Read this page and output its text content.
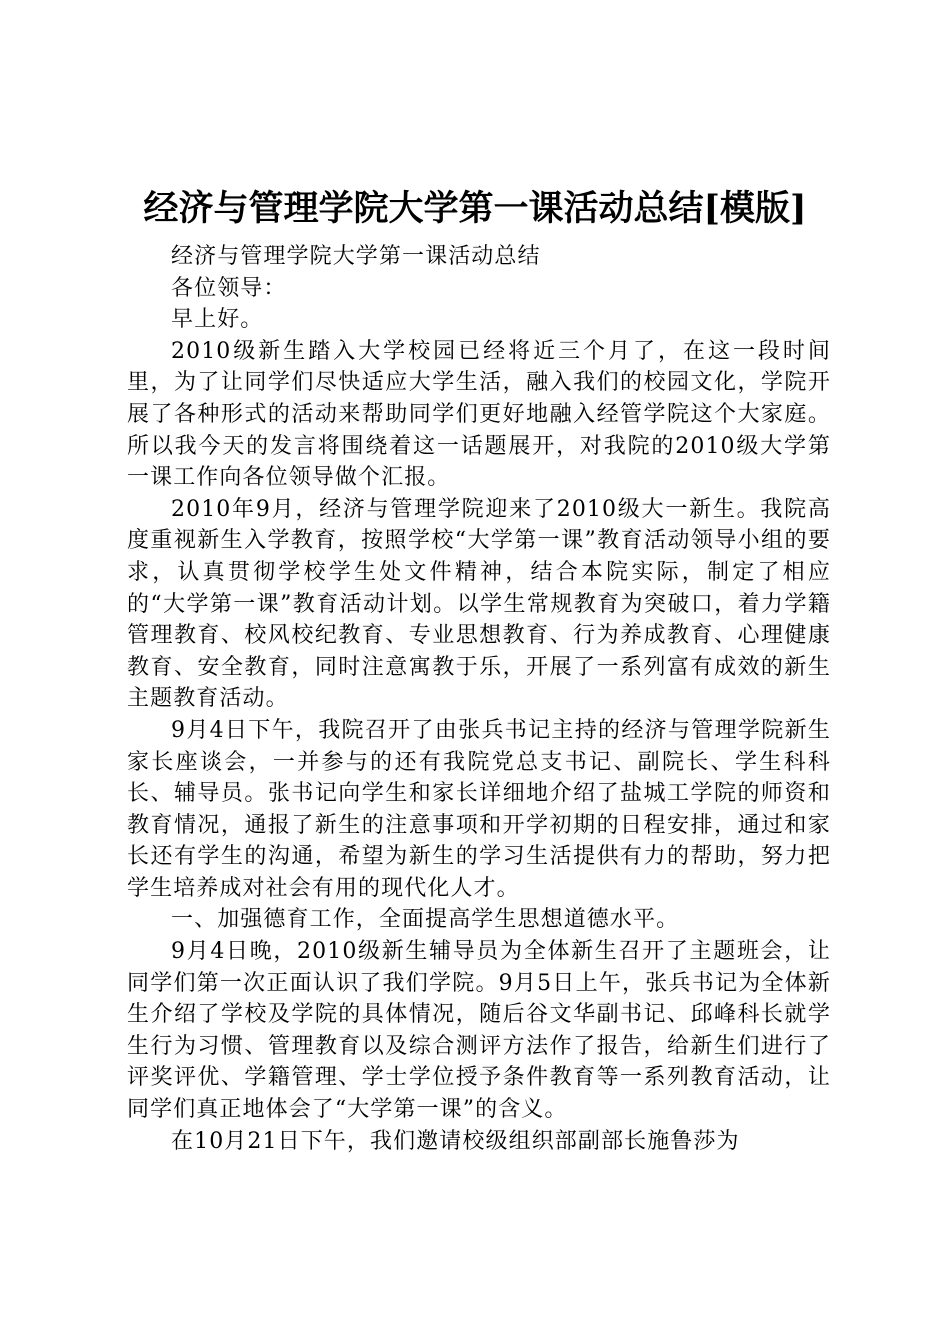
经济与管理学院大学第一课活动总结[模版]

经济与管理学院大学第一课活动总结

各位领导：

早上好。

2010级新生踏入大学校园已经将近三个月了，在这一段时间里，为了让同学们尽快适应大学生活，融入我们的校园文化，学院开展了各种形式的活动来帮助同学们更好地融入经管学院这个大家庭。所以我今天的发言将围绕着这一话题展开，对我院的2010级大学第一课工作向各位领导做个汇报。

2010年9月，经济与管理学院迎来了2010级大一新生。我院高度重视新生入学教育，按照学校“大学第一课”教育活动领导小组的要求，认真贯彻学校学生处文件精神，结合本院实际，制定了相应的“大学第一课”教育活动计划。以学生常规教育为突破口，着力学籍管理教育、校风校纪教育、专业思想教育、行为养成教育、心理健康教育、安全教育，同时注意寓教于乐，开展了一系列富有成效的新生主题教育活动。

9月4日下午，我院召开了由张兵书记主持的经济与管理学院新生家长座谈会，一并参与的还有我院党总支书记、副院长、学生科科长、辅导员。张书记向学生和家长详细地介绍了盐城工学院的师资和教育情况，通报了新生的注意事项和开学初期的日程安排，通过和家长还有学生的沟通，希望为新生的学习生活提供有力的帮助，努力把学生培养成对社会有用的现代化人才。

一、加强德育工作，全面提高学生思想道德水平。

9月4日晚，2010级新生辅导员为全体新生召开了主题班会，让同学们第一次正面认识了我们学院。9月5日上午，张兵书记为全体新生介绍了学校及学院的具体情况，随后谷文华副书记、邱峰科长就学生行为习惯、管理教育以及综合测评方法作了报告，给新生们进行了评奖评优、学籍管理、学士学位授予条件教育等一系列教育活动，让同学们真正地体会了“大学第一课”的含义。

在10月21日下午，我们邀请校级组织部副部长施鲁莎为
